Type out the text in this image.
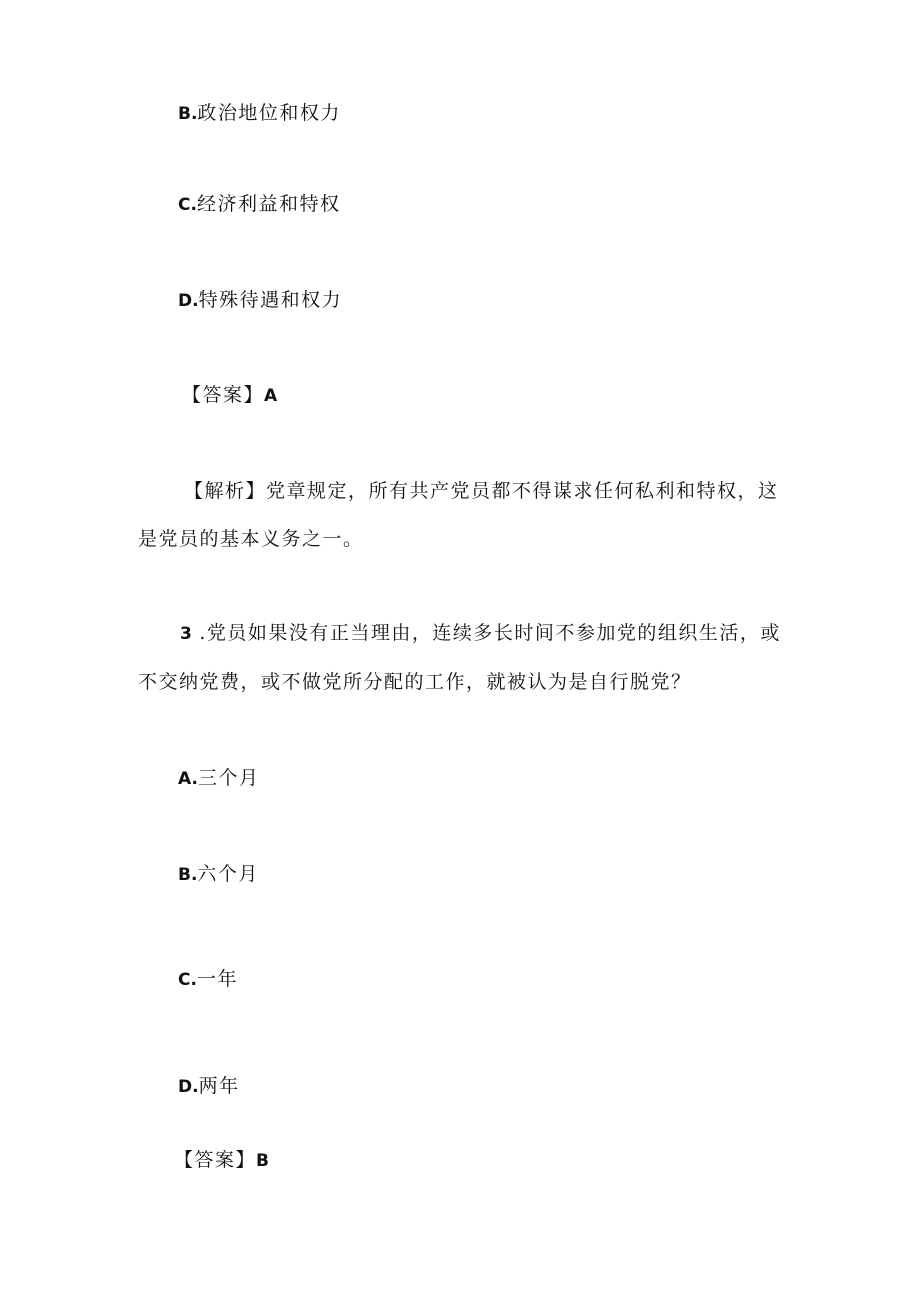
B.政治地位和权力
C.经济利益和特权
D.特殊待遇和权力
【答案】A
【解析】党章规定，所有共产党员都不得谋求任何私利和特权，这
是党员的基本义务之一。
3 .党员如果没有正当理由，连续多长时间不参加党的组织生活，或
不交纳党费，或不做党所分配的工作，就被认为是自行脱党？
A.三个月
B.六个月
C.一年
D.两年
【答案】B
